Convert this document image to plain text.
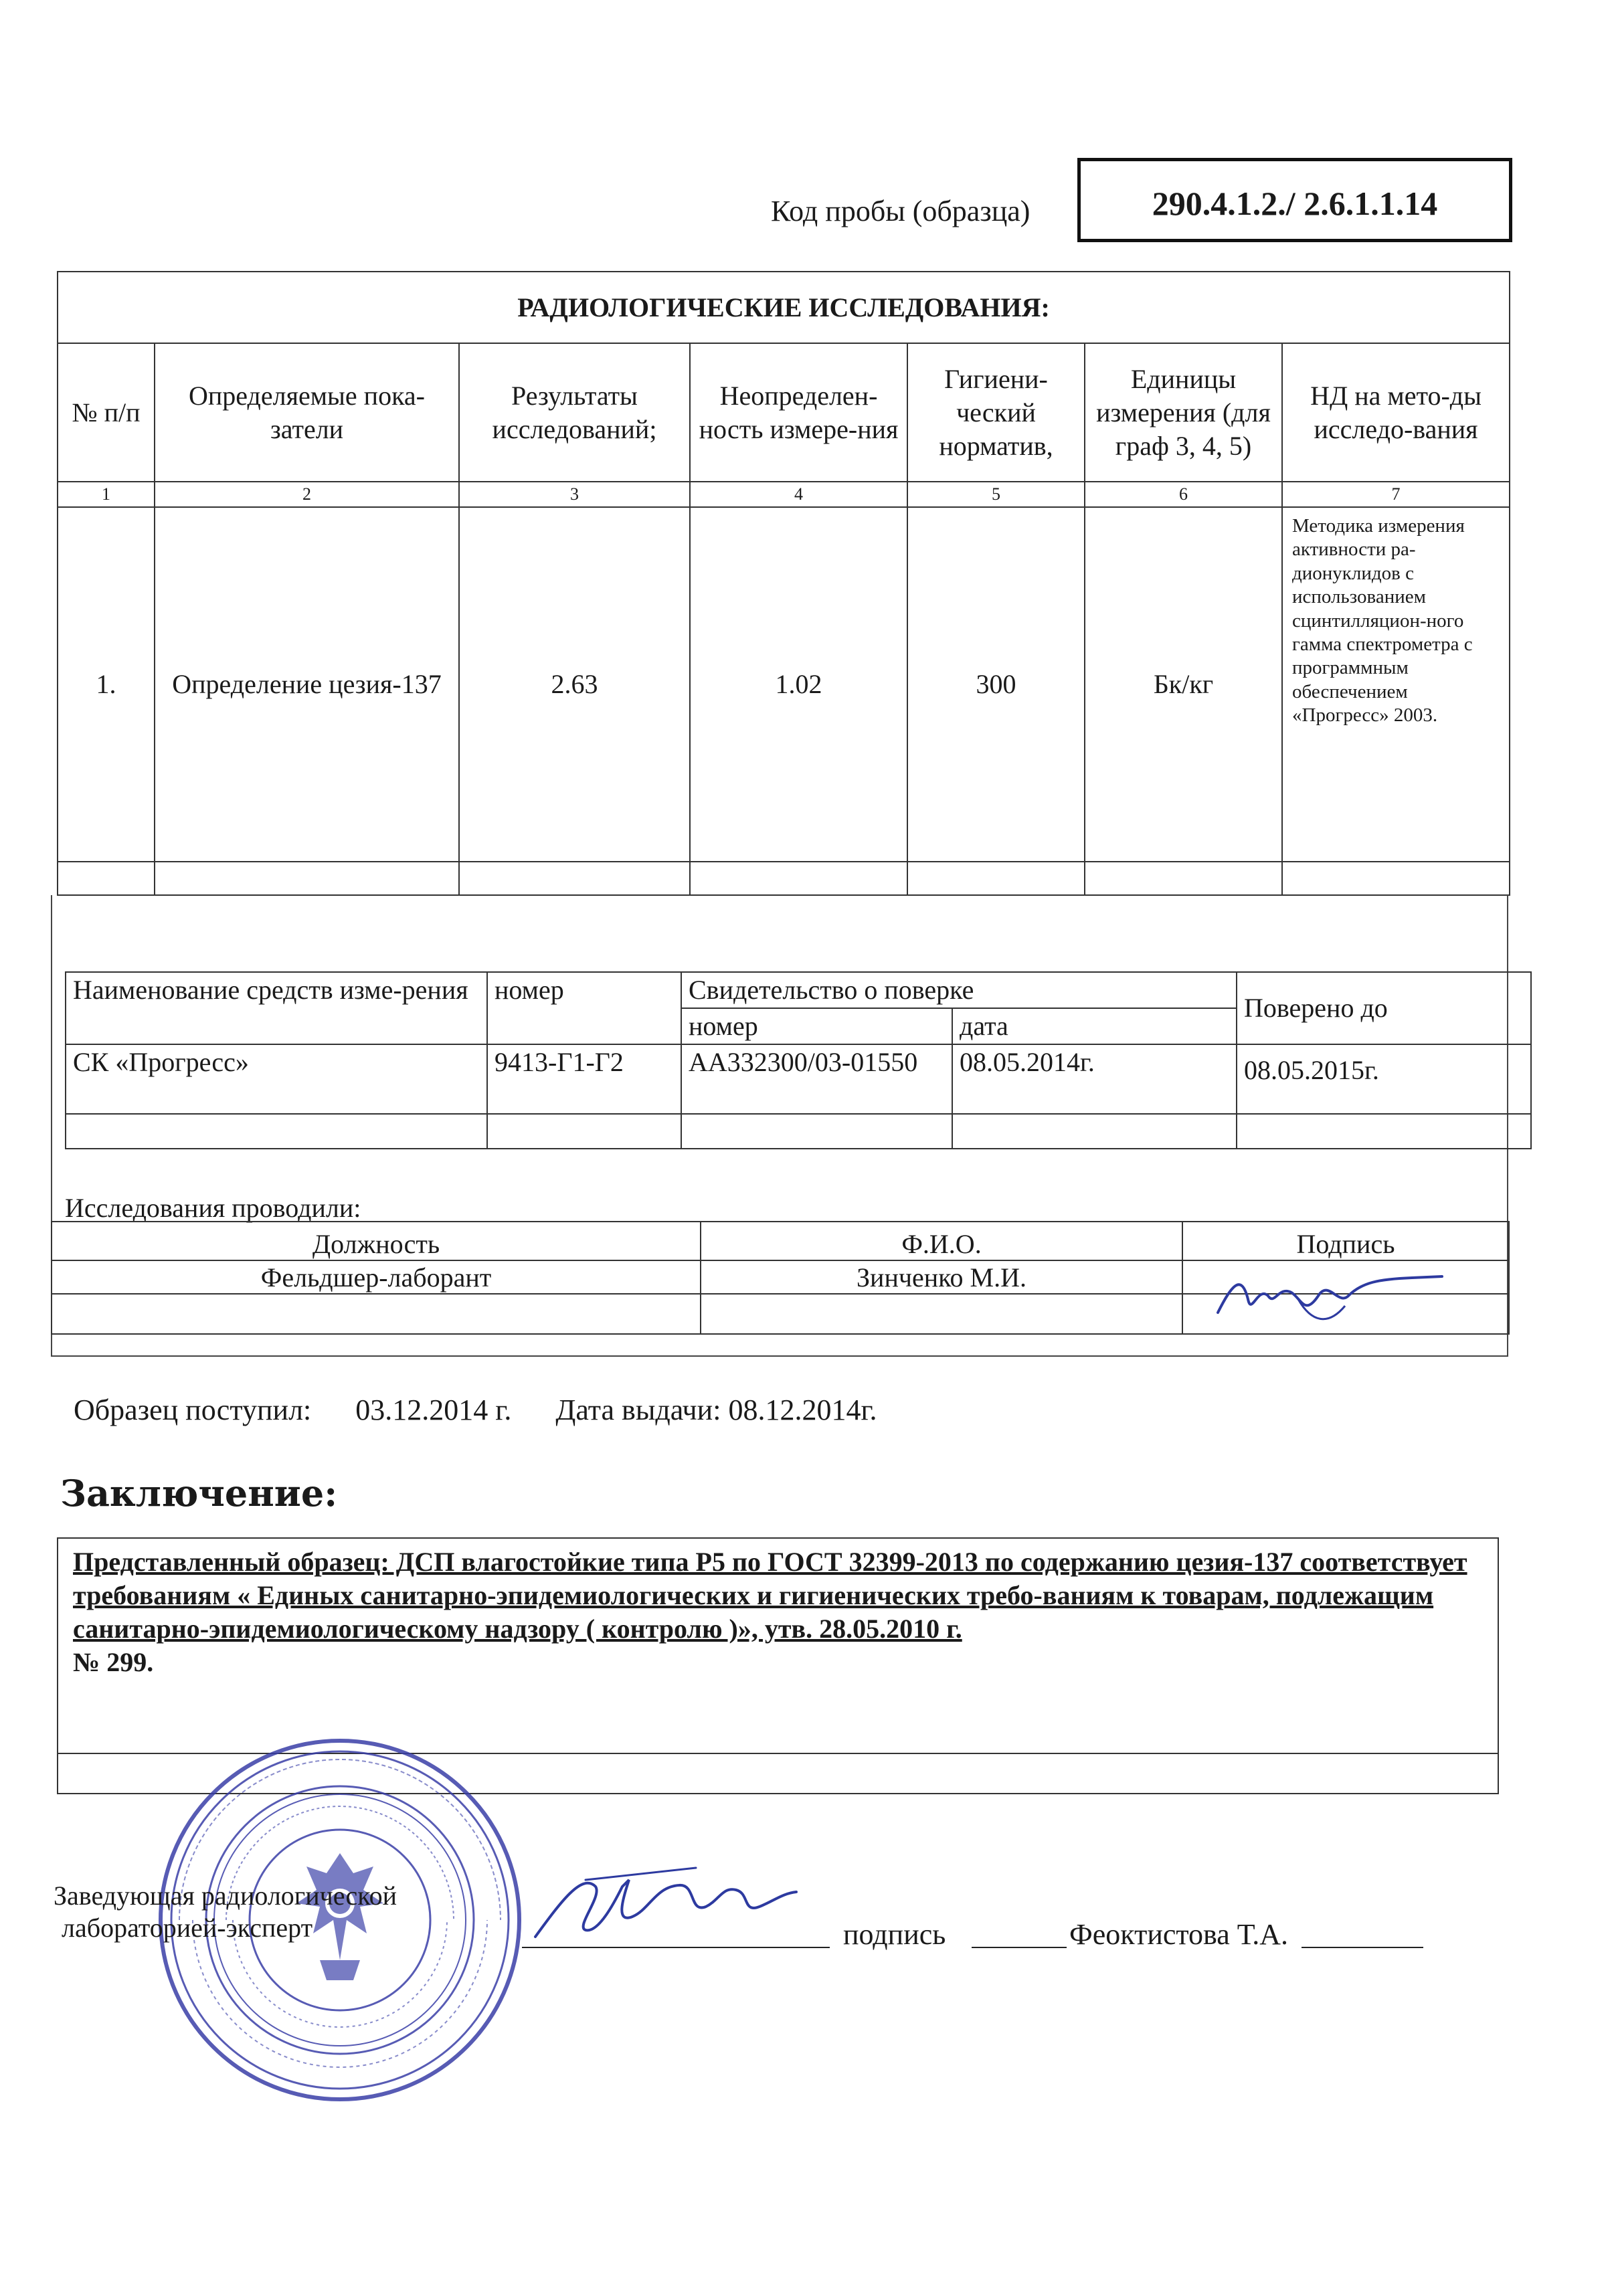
Код пробы (образца)	290.4.1.2./ 2.6.1.1.14
РАДИОЛОГИЧЕСКИЕ ИССЛЕДОВАНИЯ:						
№ п/п	Определяемые пока-затели	Результаты исследований;	Неопределен-ность измере-ния	Гигиени-ческий норматив,	Единицы измерения (для граф 3, 4, 5)	НД на мето-ды исследо-вания
1	2	3	4	5	6	7
1.	Определение цезия-137	2.63	1.02	300	Бк/кг	Методика измерения активности ра-дионуклидов с использованием сцинтилляцион-ного гамма спектрометра с программным обеспечением «Прогресс» 2003.

Наименование средств изме-рения	номер	Свидетельство о поверке		Поверено до
		номер	дата	
СК «Прогресс»	9413-Г1-Г2	АА332300/03-01550	08.05.2014г.	08.05.2015г.

Исследования проводили:
Должность	Ф.И.О.	Подпись
Фельдшер-лаборант	Зинченко М.И.	

Образец поступил: 03.12.2014 г. Дата выдачи: 08.12.2014г.
Заключение:
Представленный образец: ДСП влагостойкие типа Р5 по ГОСТ 32399-2013 по содержанию цезия-137 соответствует требованиям « Единых санитарно-эпидемиологических и гигиенических требо-ваниям к товарам, подлежащим санитарно-эпидемиологическому надзору ( контролю )», утв. 28.05.2010 г.
№ 299.

Заведующая радиологической
лабораторией-эксперт	подпись	Феоктистова Т.А.
